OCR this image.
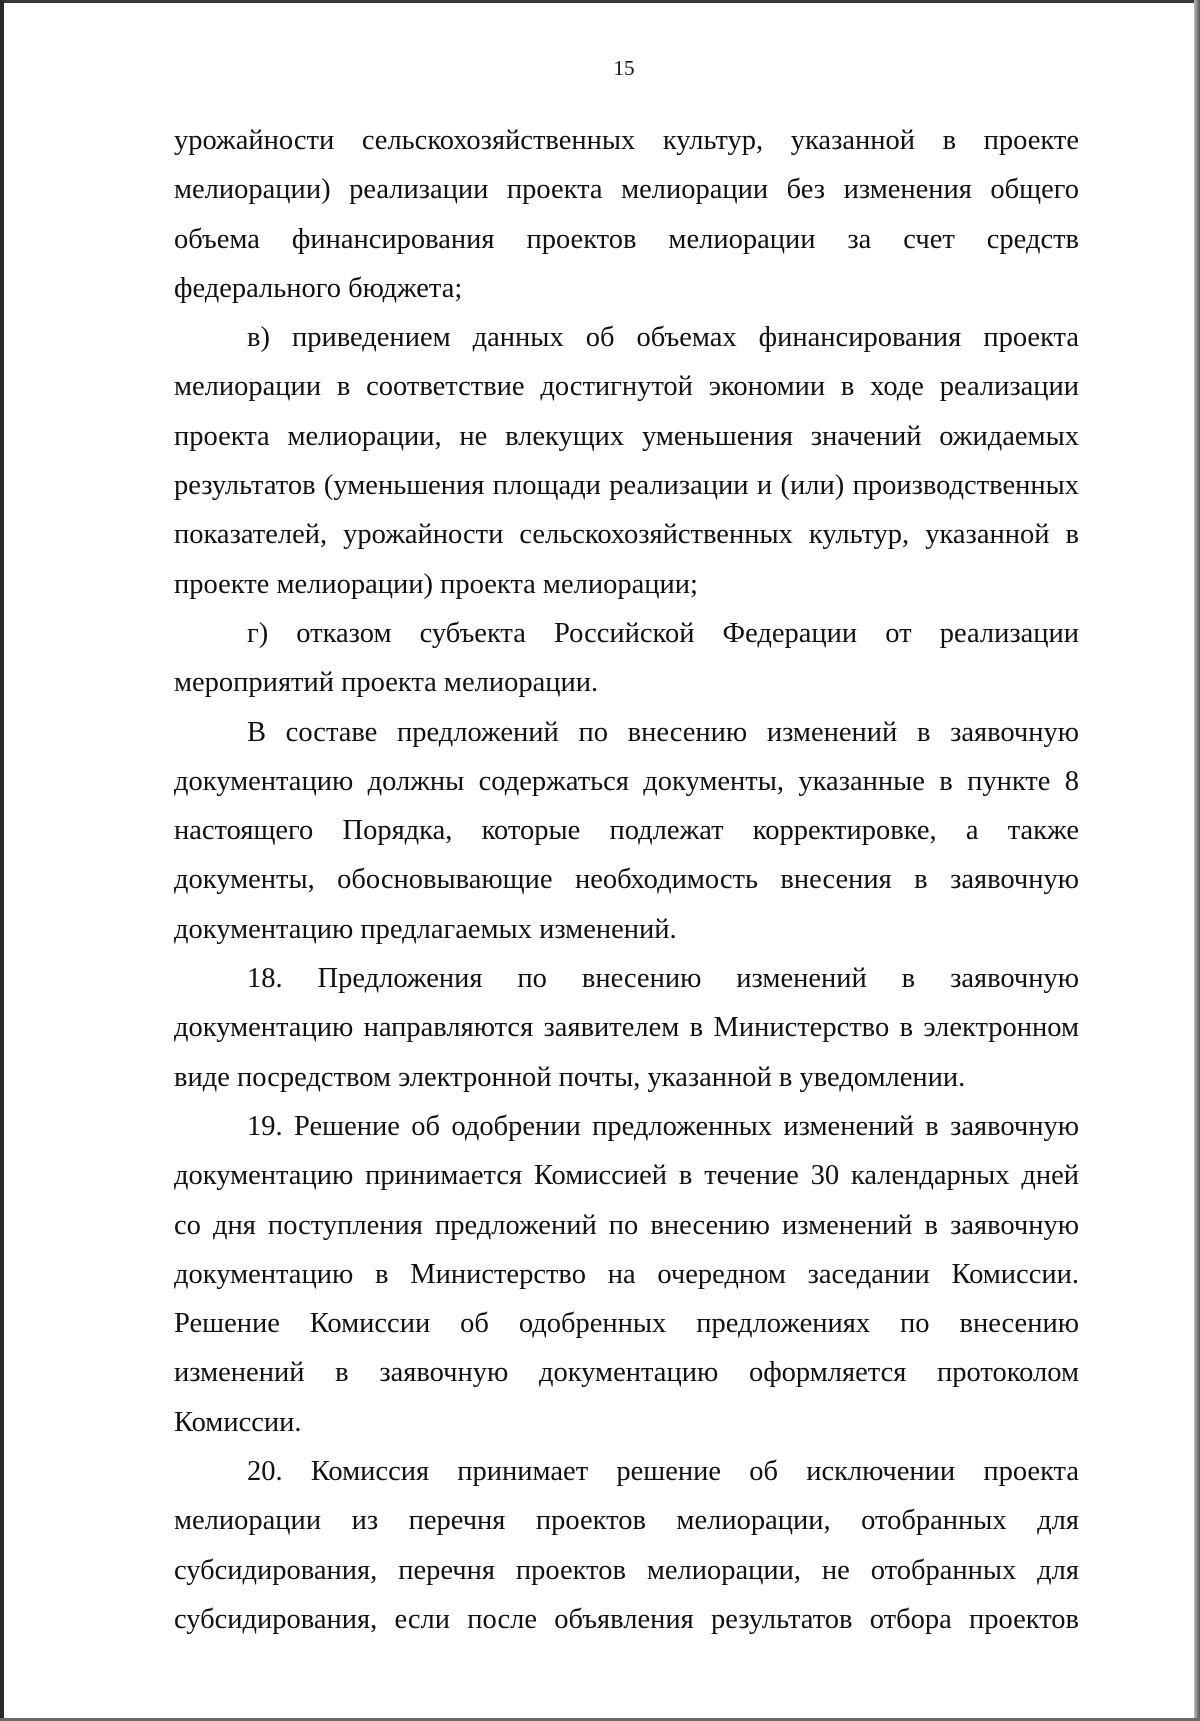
15

урожайности сельскохозяйственных культур, указанной в проекте мелиорации) реализации проекта мелиорации без изменения общего объема финансирования проектов мелиорации за счет средств федерального бюджета;

в) приведением данных об объемах финансирования проекта мелиорации в соответствие достигнутой экономии в ходе реализации проекта мелиорации, не влекущих уменьшения значений ожидаемых результатов (уменьшения площади реализации и (или) производственных показателей, урожайности сельскохозяйственных культур, указанной в проекте мелиорации) проекта мелиорации;

г) отказом субъекта Российской Федерации от реализации мероприятий проекта мелиорации.

В составе предложений по внесению изменений в заявочную документацию должны содержаться документы, указанные в пункте 8 настоящего Порядка, которые подлежат корректировке, а также документы, обосновывающие необходимость внесения в заявочную документацию предлагаемых изменений.

18. Предложения по внесению изменений в заявочную документацию направляются заявителем в Министерство в электронном виде посредством электронной почты, указанной в уведомлении.

19. Решение об одобрении предложенных изменений в заявочную документацию принимается Комиссией в течение 30 календарных дней со дня поступления предложений по внесению изменений в заявочную документацию в Министерство на очередном заседании Комиссии. Решение Комиссии об одобренных предложениях по внесению изменений в заявочную документацию оформляется протоколом Комиссии.

20. Комиссия принимает решение об исключении проекта мелиорации из перечня проектов мелиорации, отобранных для субсидирования, перечня проектов мелиорации, не отобранных для субсидирования, если после объявления результатов отбора проектов
